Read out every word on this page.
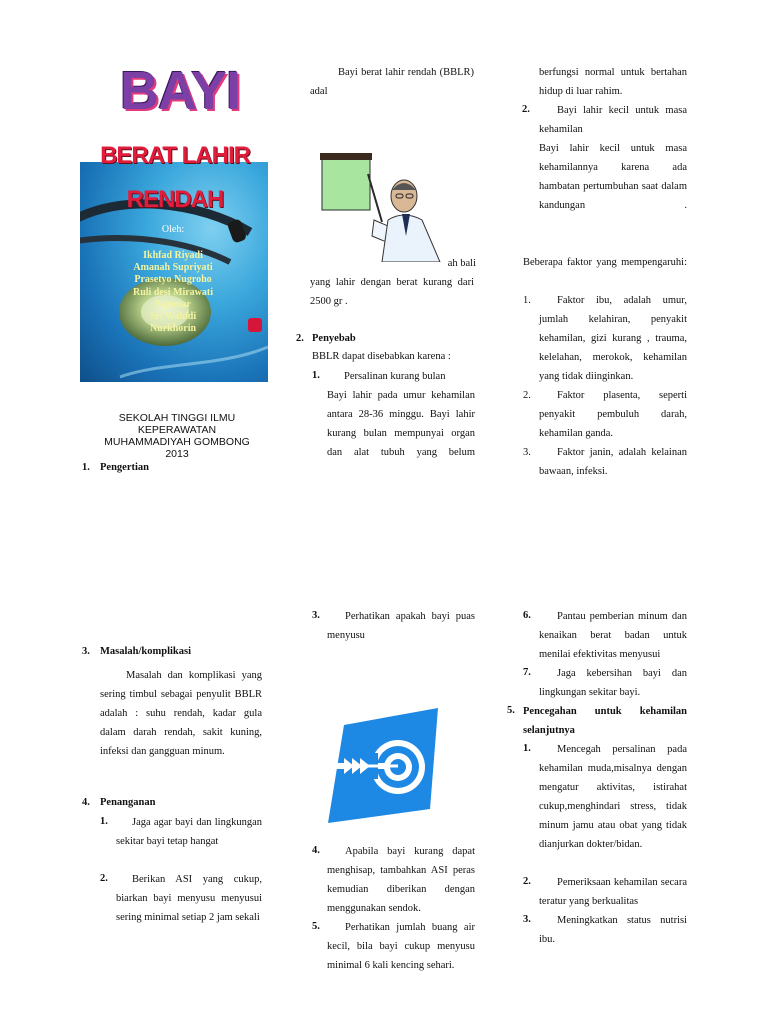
BAYI
BERAT LAHIR RENDAH
Oleh:
Ikhfad Riyadi
Amanah Supriyati
Prasetyo Nugroho
Ruli desi Mirawati
Ngumar
Sri Wahidi
Nurkhorin
SEKOLAH TINGGI ILMU
KEPERAWATAN
MUHAMMADIYAH GOMBONG
2013
1. Pengertian
3. Masalah/komplikasi
Masalah dan komplikasi yang sering timbul sebagai penyulit BBLR adalah : suhu rendah, kadar gula dalam darah rendah, sakit kuning, infeksi dan gangguan minum.
4. Penanganan
1.	Jaga agar bayi dan lingkungan sekitar bayi tetap hangat
2.	Berikan ASI yang cukup, biarkan bayi menyusu menyusui sering minimal setiap 2 jam sekali
Bayi berat lahir rendah (BBLR) adal
ah bali
yang lahir dengan berat kurang dari 2500 gr .
2. Penyebab
BBLR dapat disebabkan karena :
1. Persalinan kurang bulan
Bayi lahir pada umur kehamilan antara 28-36 minggu. Bayi lahir kurang bulan mempunyai organ dan alat tubuh yang belum
3.	Perhatikan apakah bayi puas menyusu
4.	Apabila bayi kurang dapat menghisap, tambahkan ASI peras kemudian diberikan dengan menggunakan sendok.
5.	Perhatikan jumlah buang air kecil, bila bayi cukup menyusu minimal 6 kali kencing sehari.
berfungsi normal untuk bertahan hidup di luar rahim.
2.	Bayi lahir kecil untuk masa kehamilan
Bayi lahir kecil untuk masa kehamilannya karena ada hambatan pertumbuhan saat dalam kandungan .
Beberapa faktor yang mempengaruhi:
1.	Faktor ibu, adalah umur, jumlah kelahiran, penyakit kehamilan, gizi kurang , trauma, kelelahan, merokok, kehamilan yang tidak diinginkan.
2.	Faktor plasenta, seperti penyakit pembuluh darah, kehamilan ganda.
3.	Faktor janin, adalah kelainan bawaan, infeksi.
6.	Pantau pemberian minum dan kenaikan berat badan untuk menilai efektivitas menyusui
7.	Jaga kebersihan bayi dan lingkungan sekitar bayi.
5. Pencegahan untuk kehamilan selanjutnya
1.	Mencegah persalinan pada kehamilan muda,misalnya dengan mengatur aktivitas, istirahat cukup,menghindari stress, tidak minum jamu atau obat yang tidak dianjurkan dokter/bidan.
2.	Pemeriksaan kehamilan secara teratur yang berkualitas
3.	Meningkatkan status nutrisi ibu.
